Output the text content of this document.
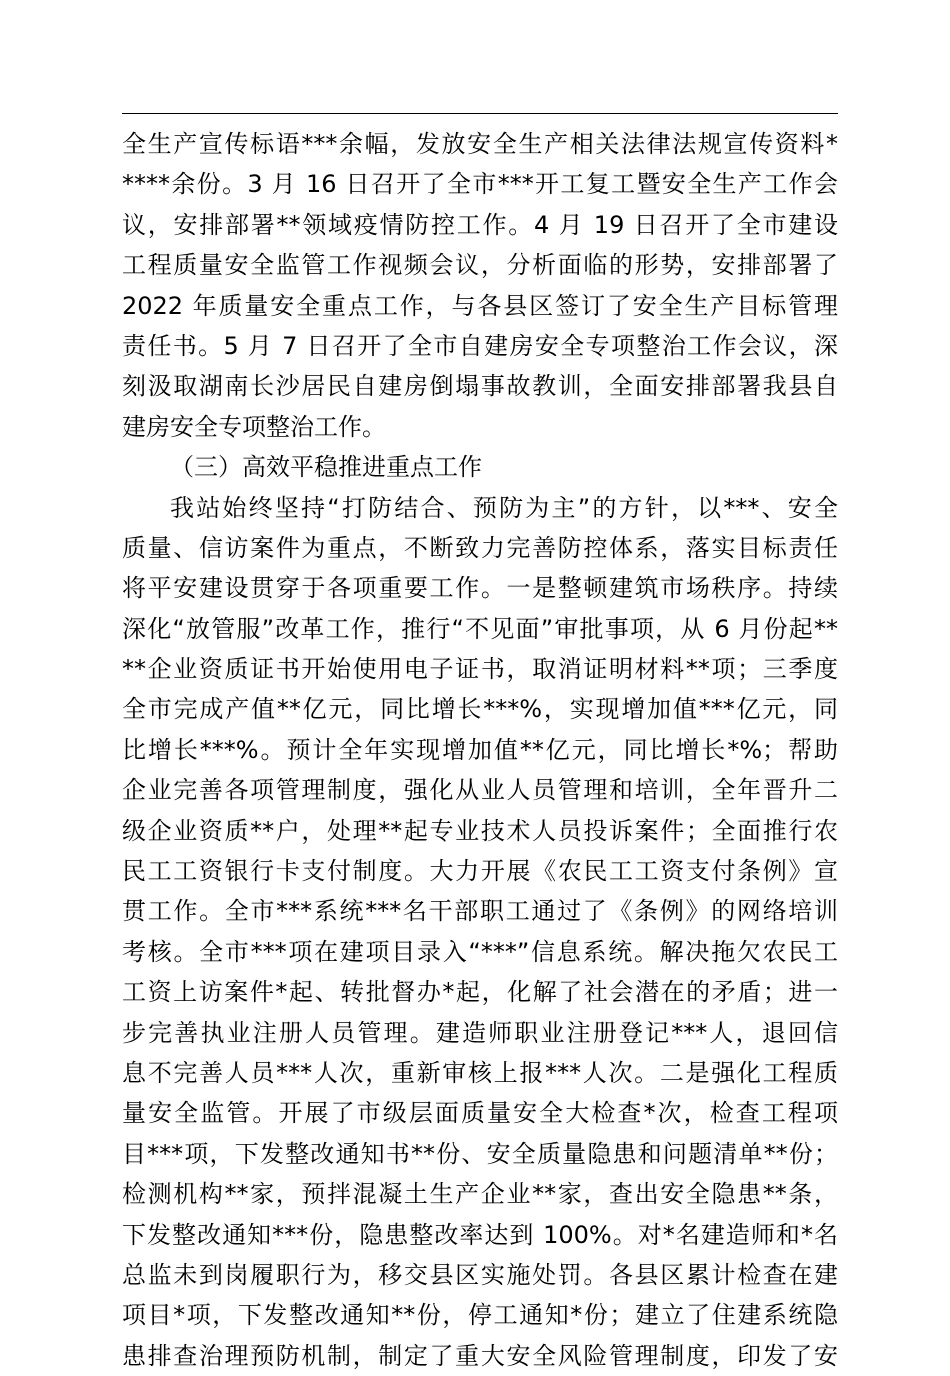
全生产宣传标语***余幅，发放安全生产相关法律法规宣传资料*
****余份。3 月 16 日召开了全市***开工复工暨安全生产工作会
议，安排部署**领域疫情防控工作。4 月 19 日召开了全市建设
工程质量安全监管工作视频会议，分析面临的形势，安排部署了
2022 年质量安全重点工作，与各县区签订了安全生产目标管理
责任书。5 月 7 日召开了全市自建房安全专项整治工作会议，深
刻汲取湖南长沙居民自建房倒塌事故教训，全面安排部署我县自
建房安全专项整治工作。
（三）高效平稳推进重点工作
我站始终坚持“打防结合、预防为主”的方针，以***、安全
质量、信访案件为重点，不断致力完善防控体系，落实目标责任
将平安建设贯穿于各项重要工作。一是整顿建筑市场秩序。持续
深化“放管服”改革工作，推行“不见面”审批事项，从 6 月份起**
**企业资质证书开始使用电子证书，取消证明材料**项；三季度
全市完成产值**亿元，同比增长***%，实现增加值***亿元，同
比增长***%。预计全年实现增加值**亿元，同比增长*%；帮助
企业完善各项管理制度，强化从业人员管理和培训，全年晋升二
级企业资质**户，处理**起专业技术人员投诉案件；全面推行农
民工工资银行卡支付制度。大力开展《农民工工资支付条例》宣
贯工作。全市***系统***名干部职工通过了《条例》的网络培训
考核。全市***项在建项目录入“***”信息系统。解决拖欠农民工
工资上访案件*起、转批督办*起，化解了社会潜在的矛盾；进一
步完善执业注册人员管理。建造师职业注册登记***人，退回信
息不完善人员***人次，重新审核上报***人次。二是强化工程质
量安全监管。开展了市级层面质量安全大检查*次，检查工程项
目***项，下发整改通知书**份、安全质量隐患和问题清单**份；
检测机构**家，预拌混凝土生产企业**家，查出安全隐患**条，
下发整改通知***份，隐患整改率达到 100%。对*名建造师和*名
总监未到岗履职行为，移交县区实施处罚。各县区累计检查在建
项目*项，下发整改通知**份，停工通知*份；建立了住建系统隐
患排查治理预防机制，制定了重大安全风险管理制度，印发了安
